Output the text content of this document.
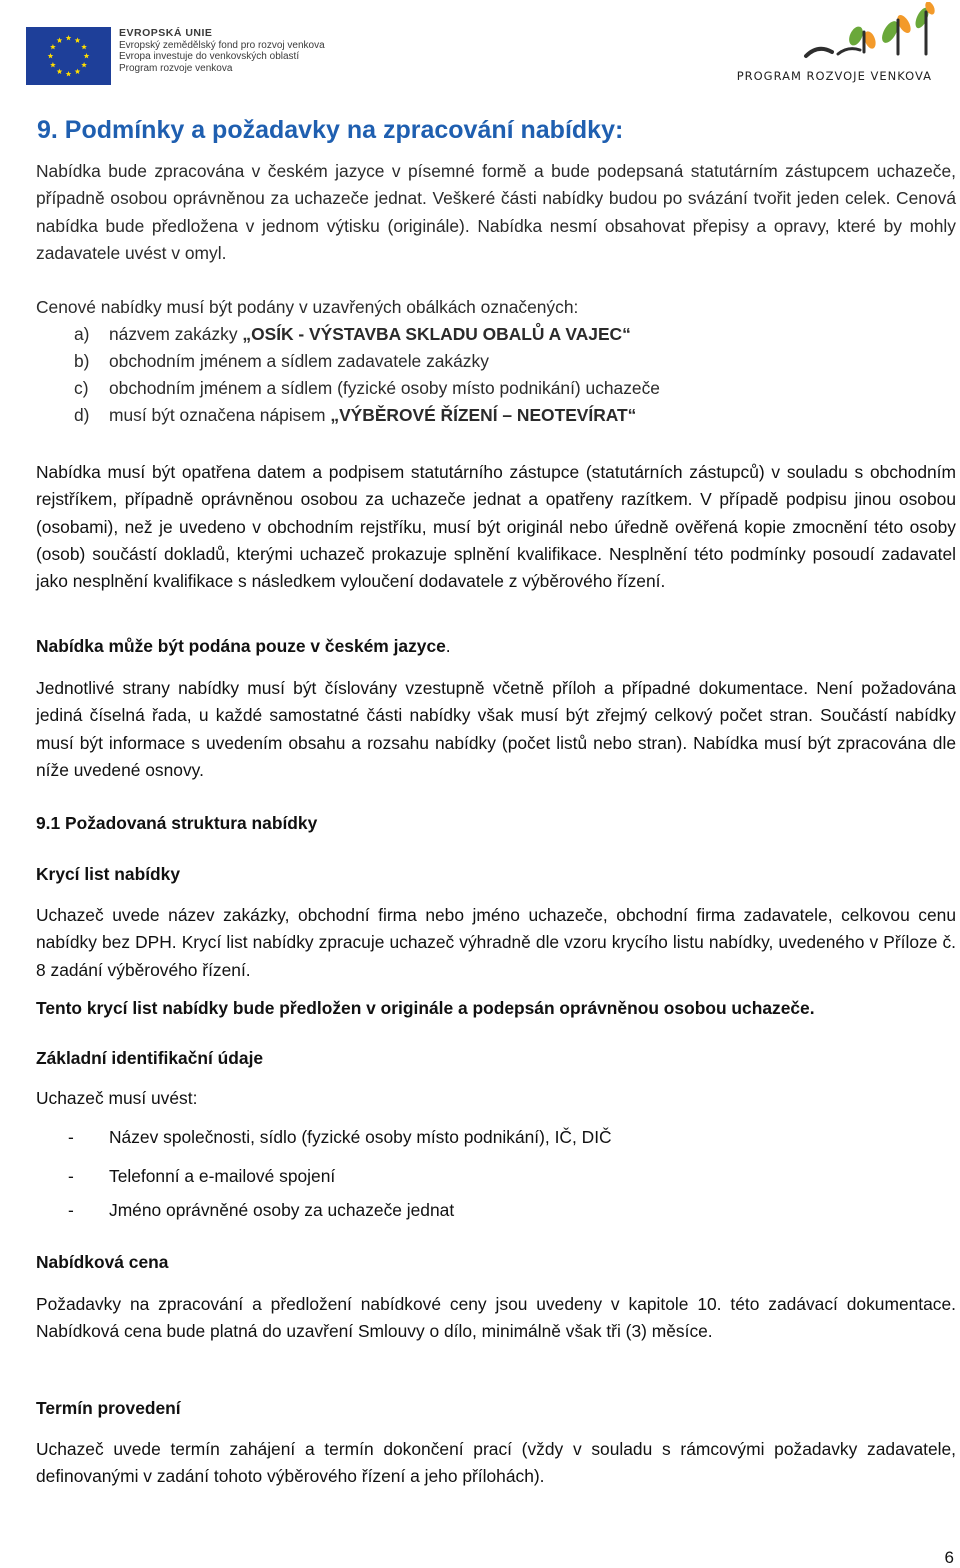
EVROPSKÁ UNIE
Evropský zemědělský fond pro rozvoj venkova
Evropa investuje do venkovských oblastí
Program rozvoje venkova
PROGRAM ROZVOJE VENKOVA
9. Podmínky a požadavky na zpracování nabídky:

Nabídka bude zpracována v českém jazyce v písemné formě a bude podepsaná statutárním zástupcem uchazeče, případně osobou oprávněnou za uchazeče jednat. Veškeré části nabídky budou po svázání tvořit jeden celek. Cenová nabídka bude předložena v jednom výtisku (originále). Nabídka nesmí obsahovat přepisy a opravy, které by mohly zadavatele uvést v omyl.

Cenové nabídky musí být podány v uzavřených obálkách označených:

a) názvem zakázky „OSÍK - VÝSTAVBA SKLADU OBALŮ A VAJEC“

b) obchodním jménem a sídlem zadavatele zakázky

c) obchodním jménem a sídlem (fyzické osoby místo podnikání) uchazeče

d) musí být označena nápisem „VÝBĚROVÉ ŘÍZENÍ – NEOTEVÍRAT“

Nabídka musí být opatřena datem a podpisem statutárního zástupce (statutárních zástupců) v souladu s obchodním rejstříkem, případně oprávněnou osobou za uchazeče jednat a opatřeny razítkem. V případě podpisu jinou osobou (osobami), než je uvedeno v obchodním rejstříku, musí být originál nebo úředně ověřená kopie zmocnění této osoby (osob) součástí dokladů, kterými uchazeč prokazuje splnění kvalifikace. Nesplnění této podmínky posoudí zadavatel jako nesplnění kvalifikace s následkem vyloučení dodavatele z výběrového řízení.

Nabídka může být podána pouze v českém jazyce.

Jednotlivé strany nabídky musí být číslovány vzestupně včetně příloh a případné dokumentace. Není požadována jediná číselná řada, u každé samostatné části nabídky však musí být zřejmý celkový počet stran. Součástí nabídky musí být informace s uvedením obsahu a rozsahu nabídky (počet listů nebo stran). Nabídka musí být zpracována dle níže uvedené osnovy.

9.1 Požadovaná struktura nabídky

Krycí list nabídky

Uchazeč uvede název zakázky, obchodní firma nebo jméno uchazeče, obchodní firma zadavatele, celkovou cenu nabídky bez DPH. Krycí list nabídky zpracuje uchazeč výhradně dle vzoru krycího listu nabídky, uvedeného v Příloze č. 8 zadání výběrového řízení.

Tento krycí list nabídky bude předložen v originále a podepsán oprávněnou osobou uchazeče.

Základní identifikační údaje

Uchazeč musí uvést:

- Název společnosti, sídlo (fyzické osoby místo podnikání), IČ, DIČ

- Telefonní a e-mailové spojení

- Jméno oprávněné osoby za uchazeče jednat

Nabídková cena

Požadavky na zpracování a předložení nabídkové ceny jsou uvedeny v kapitole 10. této zadávací dokumentace. Nabídková cena bude platná do uzavření Smlouvy o dílo, minimálně však tři (3) měsíce.

Termín provedení

Uchazeč uvede termín zahájení a termín dokončení prací (vždy v souladu s rámcovými požadavky zadavatele, definovanými v zadání tohoto výběrového řízení a jeho přílohách).

6
